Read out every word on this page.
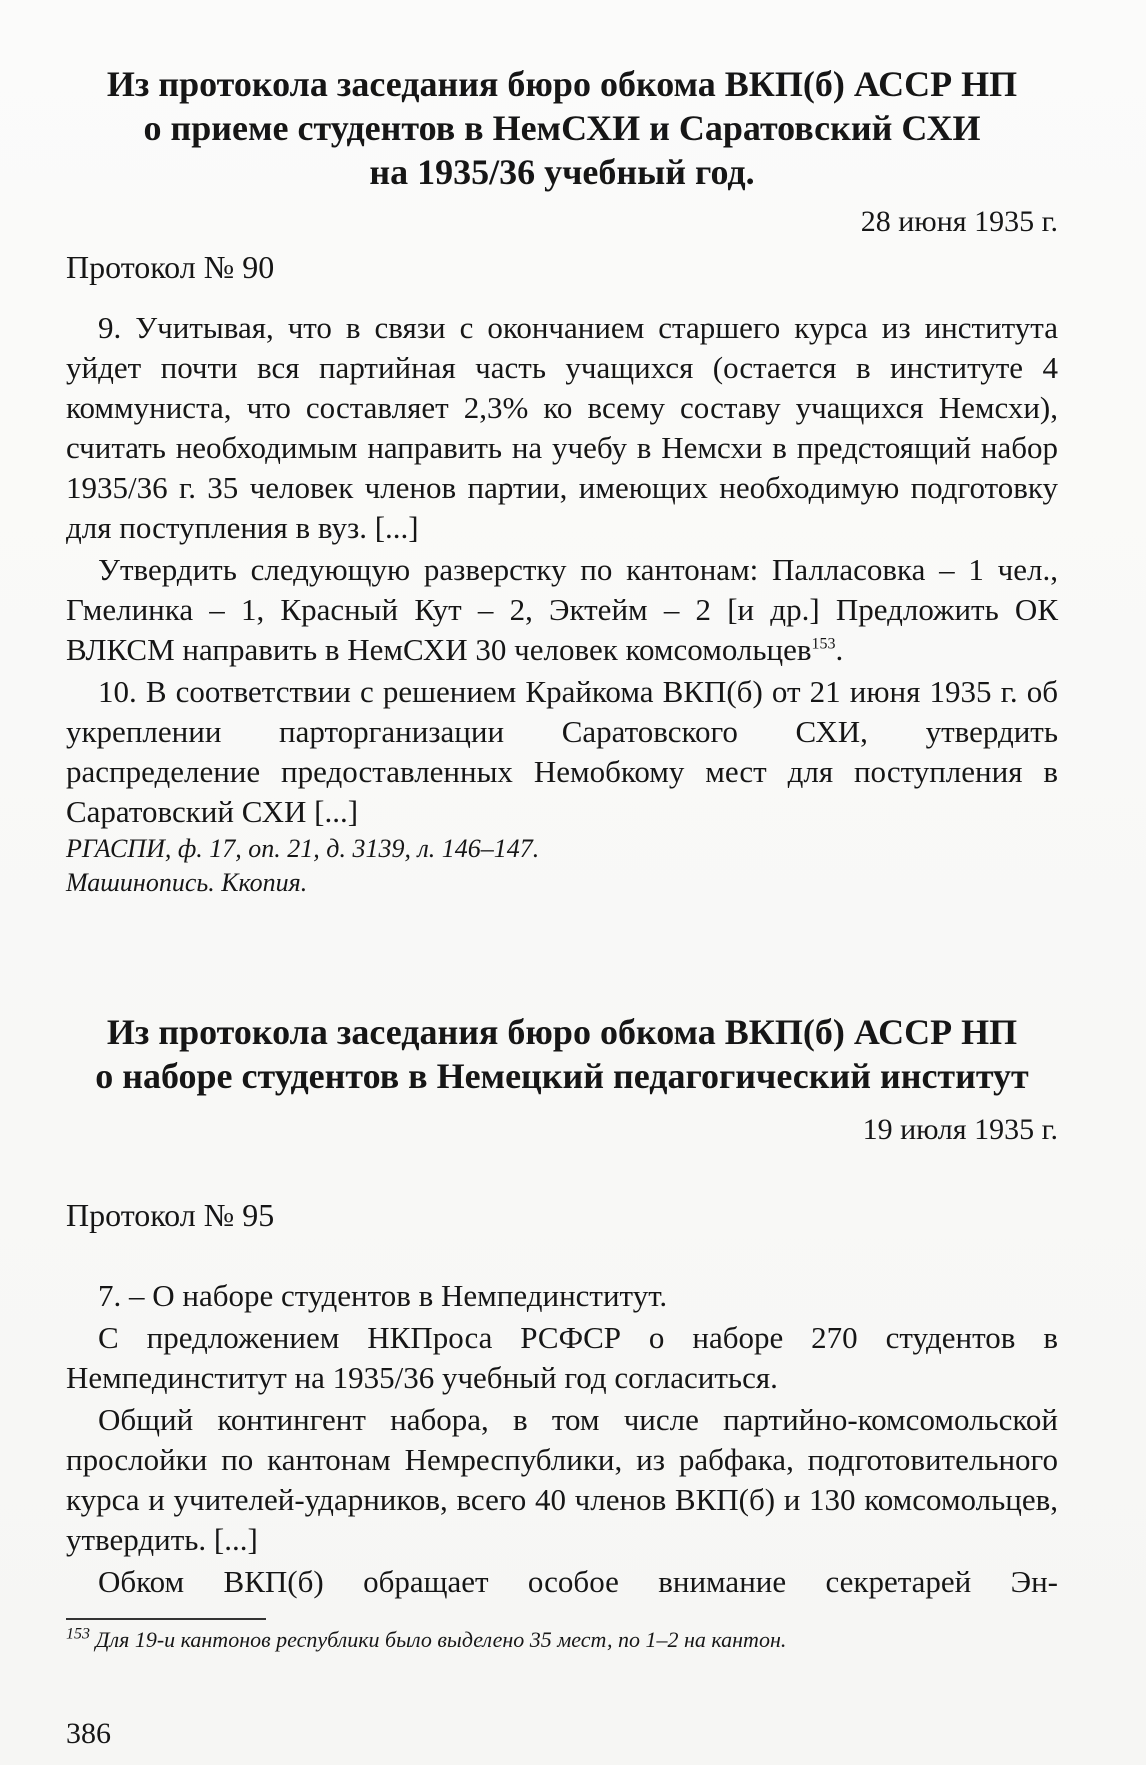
Из протокола заседания бюро обкома ВКП(б) АССР НП

о приеме студентов в НемСХИ и Саратовский СХИ

на 1935/36 учебный год.

28 июня 1935 г.
Протокол № 90

9. Учитывая, что в связи с окончанием старшего курса из института уйдет почти вся партийная часть учащихся (остается в институте 4 коммуниста, что составляет 2,3% ко всему составу учащихся Немсхи), считать необходимым направить на учебу в Немсхи в предстоящий набор 1935/36 г. 35 человек членов партии, имеющих необходимую подготовку для поступления в вуз. [...]

Утвердить следующую разверстку по кантонам: Палласовка – 1 чел., Гмелинка – 1, Красный Кут – 2, Эктейм – 2 [и др.] Предложить ОК ВЛКСМ направить в НемСХИ 30 человек комсомольцев$^{153}$.

10. В соответствии с решением Крайкома ВКП(б) от 21 июня 1935 г. об укреплении парторганизации Саратовского СХИ, утвердить распределение предоставленных Немобкому мест для поступления в Саратовский СХИ [...]

РГАСПИ, ф. 17, оп. 21, д. 3139, л. 146–147.
Машинопись. Ккопия.

Из протокола заседания бюро обкома ВКП(б) АССР НП

о наборе студентов в Немецкий педагогический институт

19 июля 1935 г.
Протокол № 95

7. – О наборе студентов в Немпединститут.

С предложением НКПроса РСФСР о наборе 270 студентов в Немпединститут на 1935/36 учебный год согласиться.

Общий контингент набора, в том числе партийно-комсомольской прослойки по кантонам Немреспублики, из рабфака, подготовительного курса и учителей-ударников, всего 40 членов ВКП(б) и 130 комсомольцев, утвердить. [...]

Обком ВКП(б) обращает особое внимание секретарей Эн-

$^{153}$ Для 19-и кантонов республики было выделено 35 мест, по 1–2 на кантон.
386
